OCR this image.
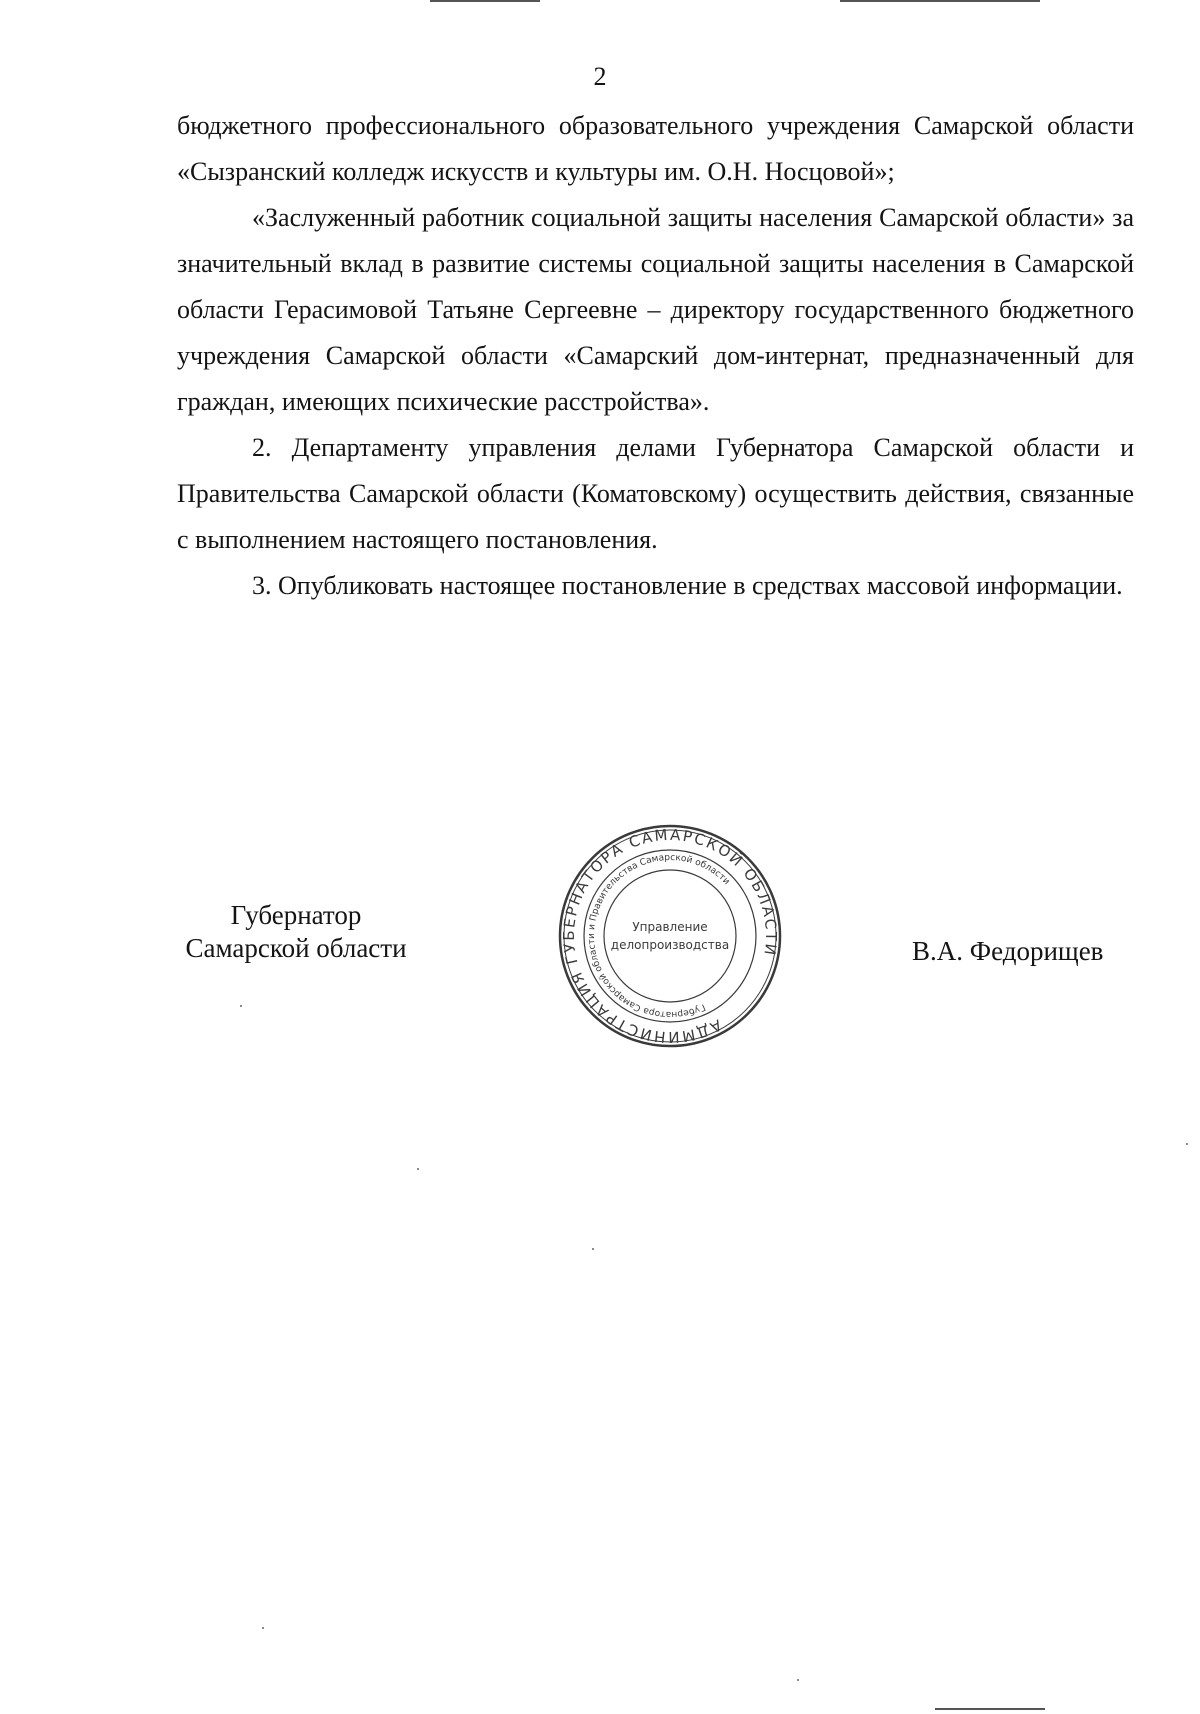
2

бюджетного профессионального образовательного учреждения Самарской области «Сызранский колледж искусств и культуры им. О.Н. Носцовой»;

«Заслуженный работник социальной защиты населения Самарской области» за значительный вклад в развитие системы социальной защиты населения в Самарской области Герасимовой Татьяне Сергеевне – директору государственного бюджетного учреждения Самарской области «Самарский дом-интернат, предназначенный для граждан, имеющих психические расстройства».

2. Департаменту управления делами Губернатора Самарской области и Правительства Самарской области (Коматовскому) осуществить действия, связанные с выполнением настоящего постановления.

3. Опубликовать настоящее постановление в средствах массовой информации.

Губернатор
Самарской области
АДМИНИСТРАЦИЯ ГУБЕРНАТОРА САМАРСКОЙ ОБЛАСТИ
Губернатора Самарской области и Правительства Самарской области
Управление
делопроизводства	В.А. Федорищев
